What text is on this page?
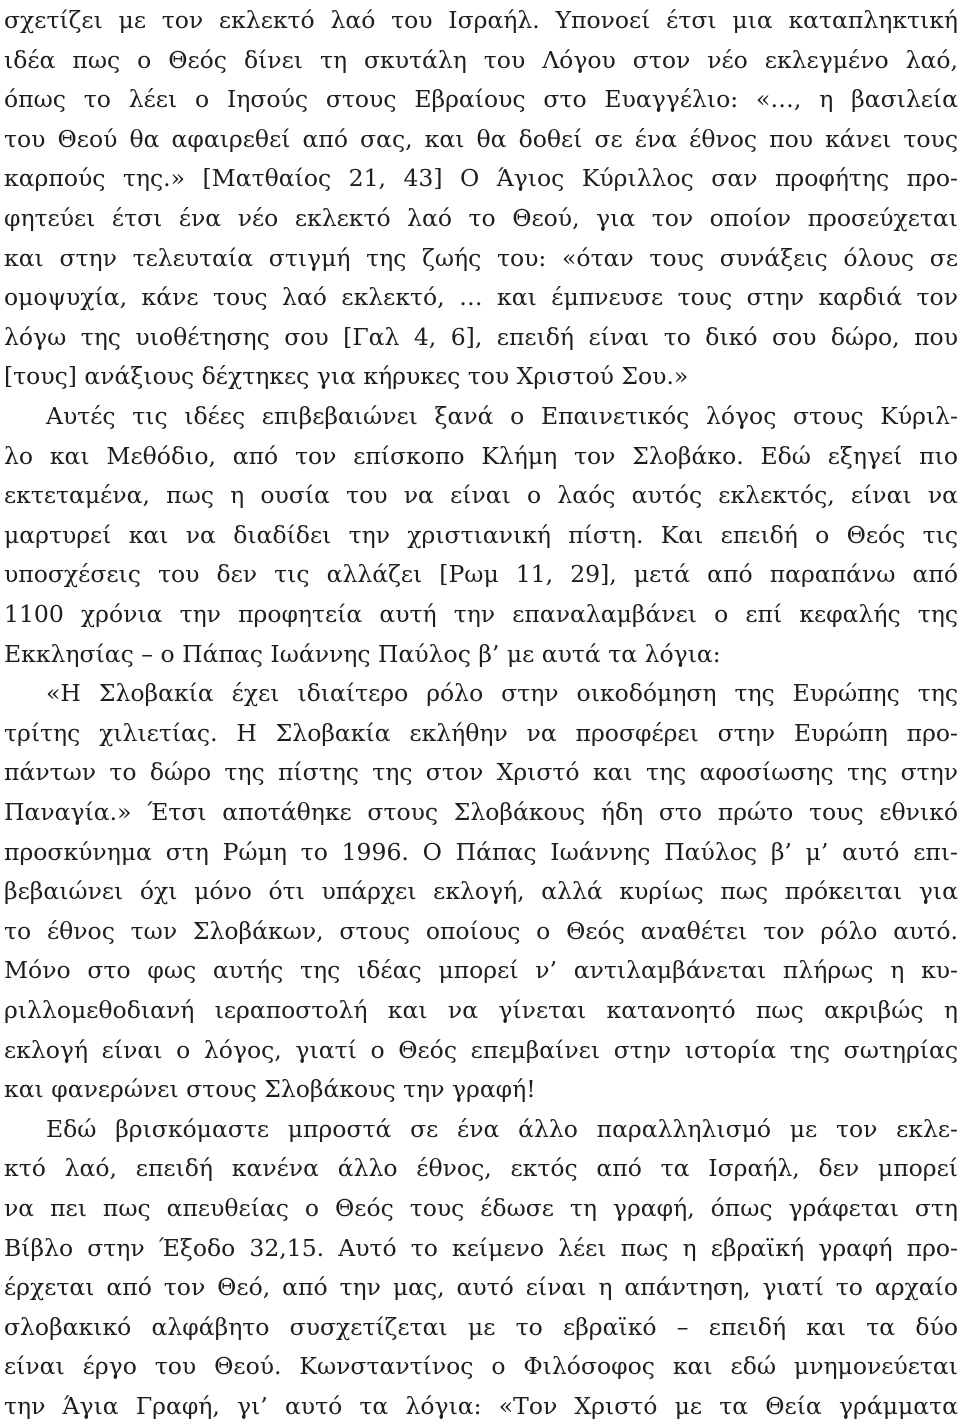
σχετίζει με τον εκλεκτό λαό του Ισραήλ. Υπονοεί έτσι μια καταπληκτική
ιδέα πως ο Θεός δίνει τη σκυτάλη του Λόγου στον νέο εκλεγμένο λαό,
όπως το λέει ο Ιησούς στους Εβραίους στο Ευαγγέλιο: «…, η βασιλεία
του Θεού θα αφαιρεθεί από σας, και θα δοθεί σε ένα έθνος που κάνει τους
καρπούς της.» [Ματθαίος 21, 43] Ο Άγιος Κύριλλος σαν προφήτης προ-
φητεύει έτσι ένα νέο εκλεκτό λαό το Θεού, για τον οποίον προσεύχεται
και στην τελευταία στιγμή της ζωής του: «όταν τους συνάξεις όλους σε
ομοψυχία, κάνε τους λαό εκλεκτό, … και έμπνευσε τους στην καρδιά τον
λόγω της υιοθέτησης σου [Γαλ 4, 6], επειδή είναι το δικό σου δώρο, που
[τους] ανάξιους δέχτηκες για κήρυκες του Χριστού Σου.»
Αυτές τις ιδέες επιβεβαιώνει ξανά ο Επαινετικός λόγος στους Κύριλ-
λο και Μεθόδιο, από τον επίσκοπο Κλήμη τον Σλοβάκο. Εδώ εξηγεί πιο
εκτεταμένα, πως η ουσία του να είναι ο λαός αυτός εκλεκτός, είναι να
μαρτυρεί και να διαδίδει την χριστιανική πίστη. Και επειδή ο Θεός τις
υποσχέσεις του δεν τις αλλάζει [Ρωμ 11, 29], μετά από παραπάνω από
1100 χρόνια την προφητεία αυτή την επαναλαμβάνει ο επί κεφαλής της
Εκκλησίας – ο Πάπας Ιωάννης Παύλος β’ με αυτά τα λόγια:
«Η Σλοβακία έχει ιδιαίτερο ρόλο στην οικοδόμηση της Ευρώπης της
τρίτης χιλιετίας. Η Σλοβακία εκλήθην να προσφέρει στην Ευρώπη προ-
πάντων το δώρο της πίστης της στον Χριστό και της αφοσίωσης της στην
Παναγία.» Έτσι αποτάθηκε στους Σλοβάκους ήδη στο πρώτο τους εθνικό
προσκύνημα στη Ρώμη το 1996. Ο Πάπας Ιωάννης Παύλος β’ μ’ αυτό επι-
βεβαιώνει όχι μόνο ότι υπάρχει εκλογή, αλλά κυρίως πως πρόκειται για
το έθνος των Σλοβάκων, στους οποίους ο Θεός αναθέτει τον ρόλο αυτό.
Μόνο στο φως αυτής της ιδέας μπορεί ν’ αντιλαμβάνεται πλήρως η κυ-
ριλλομεθοδιανή ιεραποστολή και να γίνεται κατανοητό πως ακριβώς η
εκλογή είναι ο λόγος, γιατί ο Θεός επεμβαίνει στην ιστορία της σωτηρίας
και φανερώνει στους Σλοβάκους την γραφή!
Εδώ βρισκόμαστε μπροστά σε ένα άλλο παραλληλισμό με τον εκλε-
κτό λαό, επειδή κανένα άλλο έθνος, εκτός από τα Ισραήλ, δεν μπορεί
να πει πως απευθείας ο Θεός τους έδωσε τη γραφή, όπως γράφεται στη
Βίβλο στην Έξοδο 32,15. Αυτό το κείμενο λέει πως η εβραϊκή γραφή προ-
έρχεται από τον Θεό, από την μας, αυτό είναι η απάντηση, γιατί το αρχαίο
σλοβακικό αλφάβητο συσχετίζεται με το εβραϊκό – επειδή και τα δύο
είναι έργο του Θεού. Κωνσταντίνος ο Φιλόσοφος και εδώ μνημονεύεται
την Άγια Γραφή, γι’ αυτό τα λόγια: «Τον Χριστό με τα Θεία γράμματα
